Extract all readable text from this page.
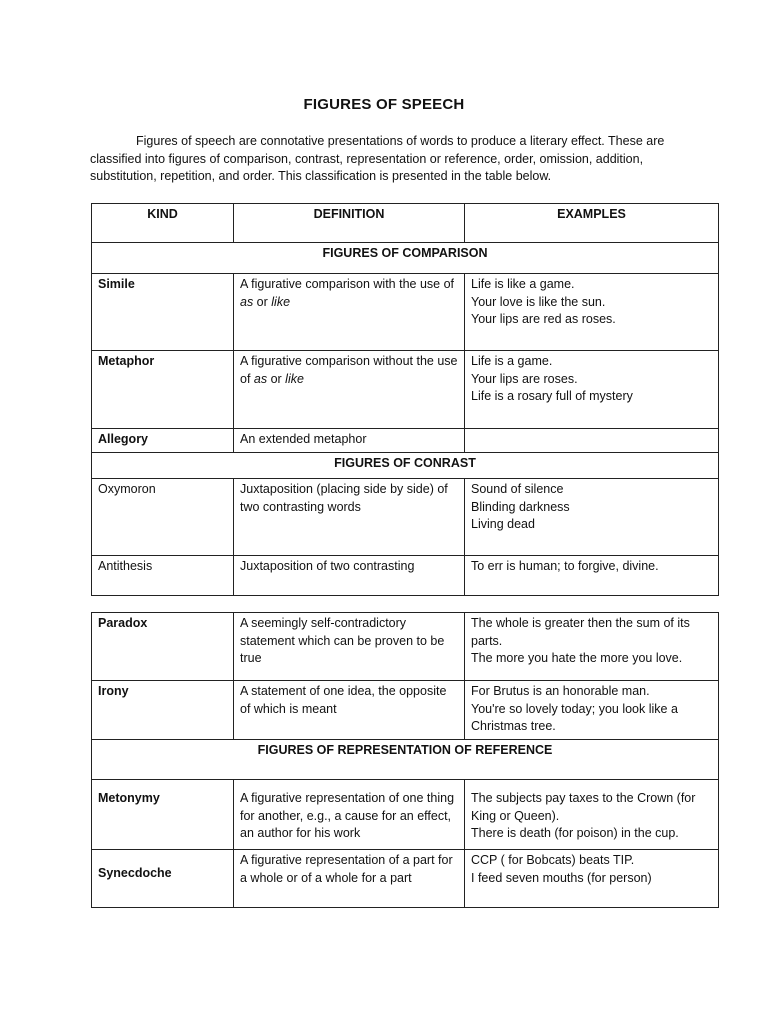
FIGURES OF SPEECH
Figures of speech are connotative presentations of words to produce a literary effect. These are classified into figures of comparison, contrast, representation or reference, order, omission, addition, substitution, repetition, and order. This classification is presented in the table below.
KIND	DEFINITION	EXAMPLES
FIGURES OF COMPARISON		
Simile	A figurative comparison with the use of as or like	Life is like a game.
Your love is like the sun.
Your lips are red as roses.

Metaphor	A figurative comparison without the use of as or like	Life is a game.
Your lips are roses.
Life is a rosary full of mystery

Allegory	An extended metaphor	
FIGURES OF CONRAST		
Oxymoron	Juxtaposition (placing side by side) of two contrasting words	Sound of silence
Blinding darkness
Living dead

Antithesis	Juxtaposition of two contrasting	To err is human; to forgive, divine.
Paradox	A seemingly self-contradictory statement which can be proven to be true	The whole is greater then the sum of its parts.
The more you hate the more you love.

Irony	A statement of one idea, the opposite of which is meant	For Brutus is an honorable man.
You're so lovely today; you look like a Christmas tree.

FIGURES OF REPRESENTATION OF REFERENCE		
Metonymy	A figurative representation of one thing for another, e.g., a cause for an effect, an author for his work	The subjects pay taxes to the Crown (for King or Queen).
There is death (for poison) in the cup.

Synecdoche	A figurative representation of a part for a whole or of a whole for a part	CCP ( for Bobcats) beats TIP.
I feed seven mouths (for person)
